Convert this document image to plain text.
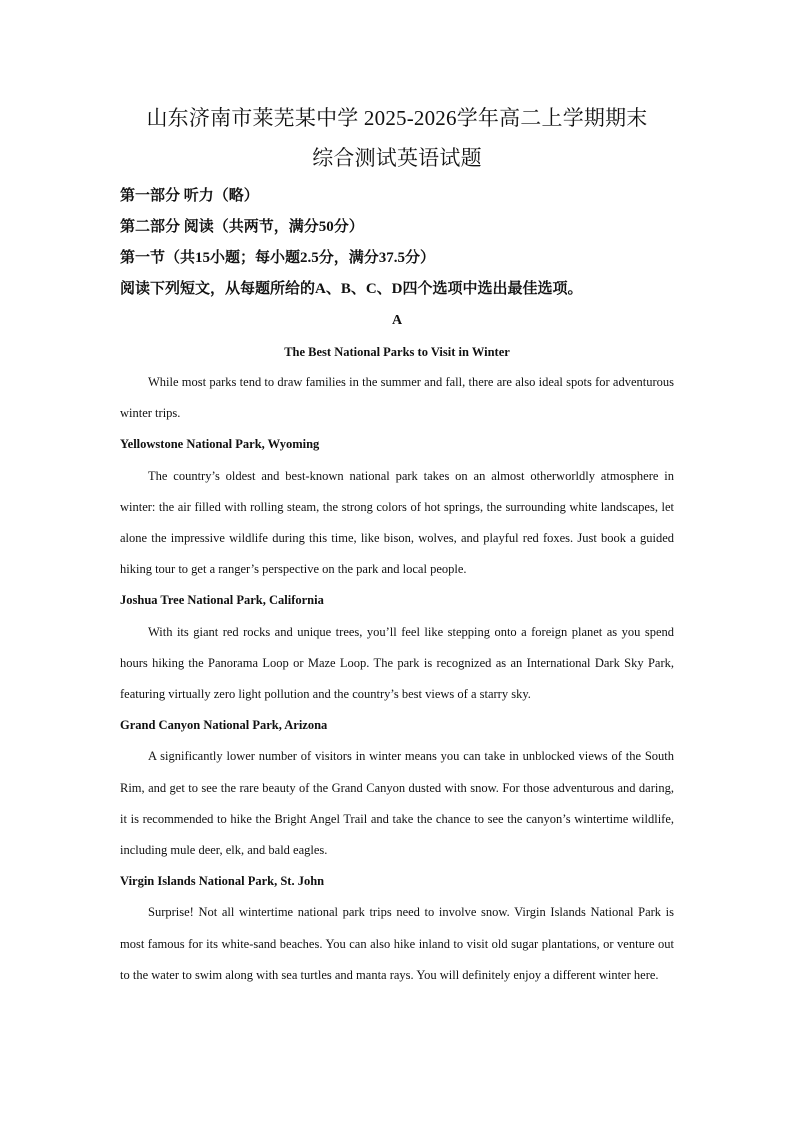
山东济南市莱芜某中学 2025-2026学年高二上学期期末
综合测试英语试题

第一部分 听力（略）

第二部分 阅读（共两节，满分50分）

第一节（共15小题；每小题2.5分，满分37.5分）

阅读下列短文，从每题所给的A、B、C、D四个选项中选出最佳选项。

A

The Best National Parks to Visit in Winter

While most parks tend to draw families in the summer and fall, there are also ideal spots for adventurous winter trips.

Yellowstone National Park, Wyoming

The country’s oldest and best-known national park takes on an almost otherworldly atmosphere in winter: the air filled with rolling steam, the strong colors of hot springs, the surrounding white landscapes, let alone the impressive wildlife during this time, like bison, wolves, and playful red foxes. Just book a guided hiking tour to get a ranger’s perspective on the park and local people.

Joshua Tree National Park, California

With its giant red rocks and unique trees, you’ll feel like stepping onto a foreign planet as you spend hours hiking the Panorama Loop or Maze Loop. The park is recognized as an International Dark Sky Park, featuring virtually zero light pollution and the country’s best views of a starry sky.

Grand Canyon National Park, Arizona

A significantly lower number of visitors in winter means you can take in unblocked views of the South Rim, and get to see the rare beauty of the Grand Canyon dusted with snow. For those adventurous and daring, it is recommended to hike the Bright Angel Trail and take the chance to see the canyon’s wintertime wildlife, including mule deer, elk, and bald eagles.

Virgin Islands National Park, St. John

Surprise! Not all wintertime national park trips need to involve snow. Virgin Islands National Park is most famous for its white-sand beaches. You can also hike inland to visit old sugar plantations, or venture out to the water to swim along with sea turtles and manta rays. You will definitely enjoy a different winter here.
